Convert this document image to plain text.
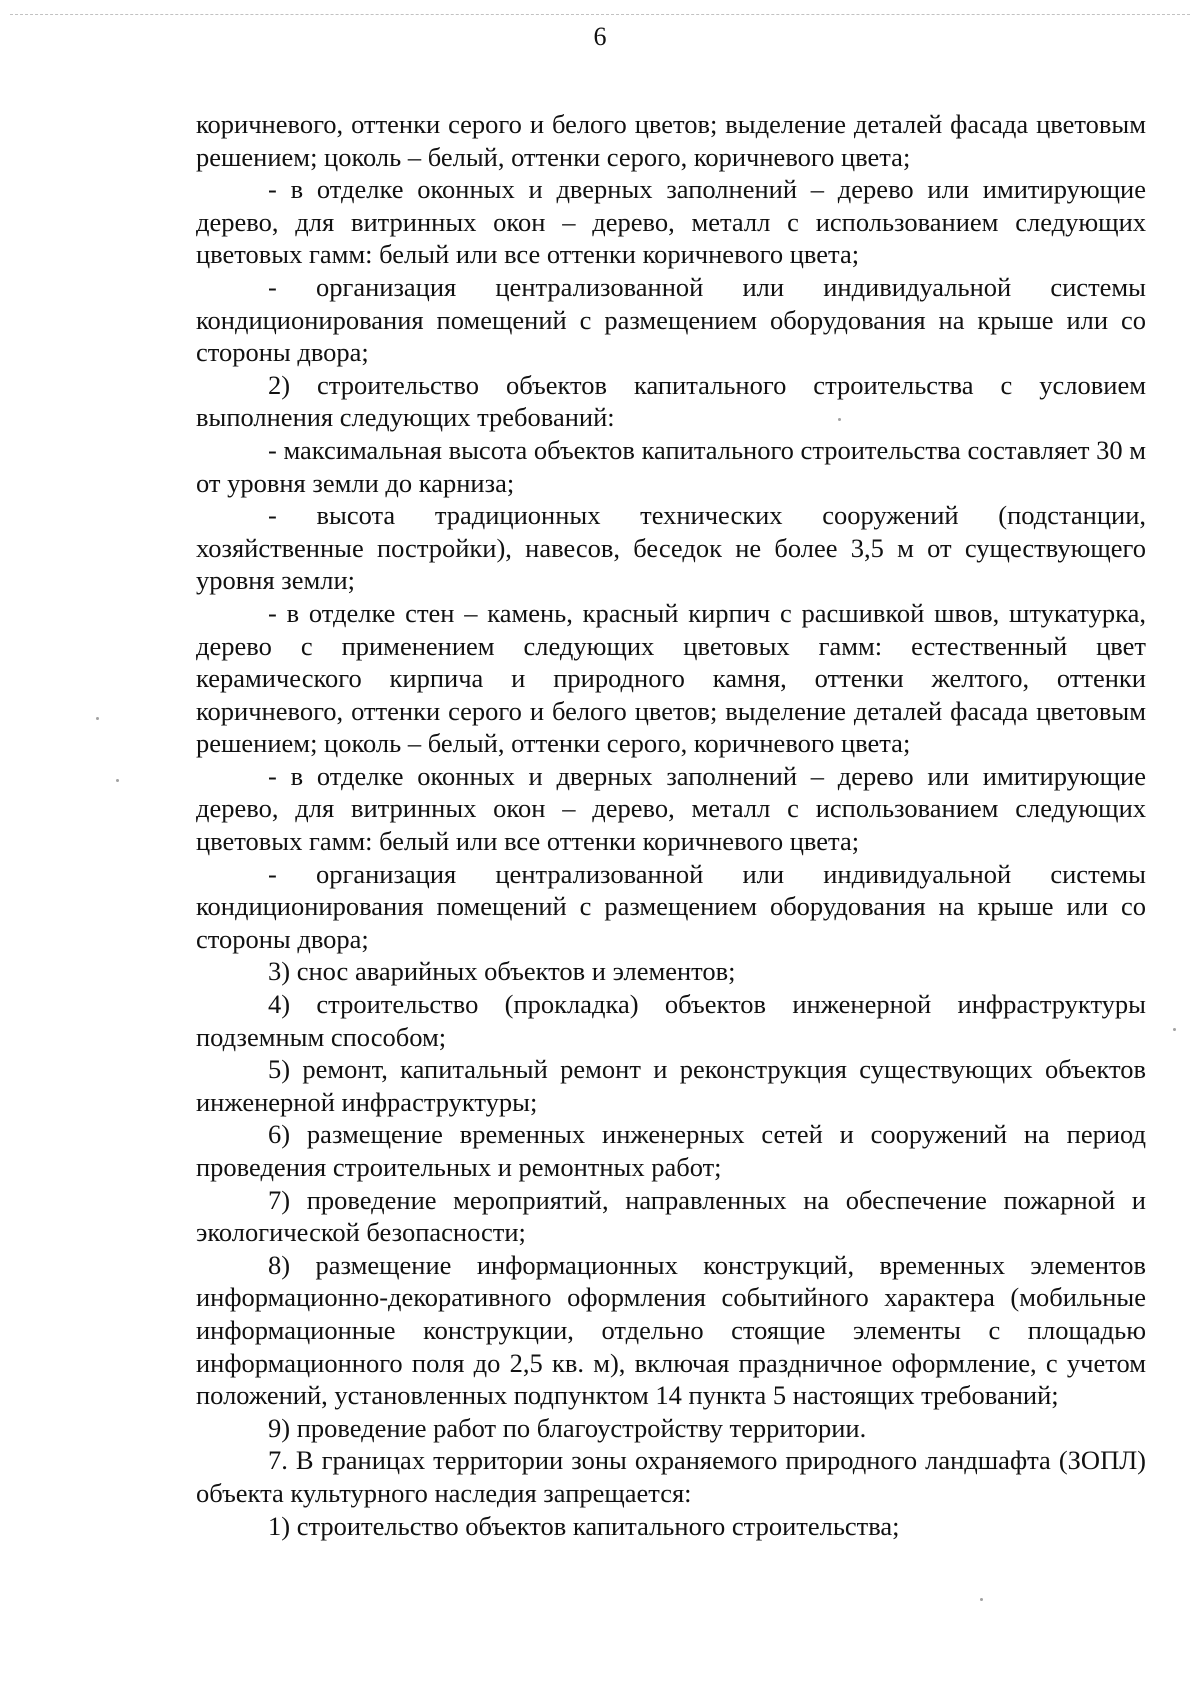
6

коричневого, оттенки серого и белого цветов; выделение деталей фасада цветовым решением; цоколь – белый, оттенки серого, коричневого цвета;

- в отделке оконных и дверных заполнений – дерево или имитирующие дерево, для витринных окон – дерево, металл с использованием следующих цветовых гамм: белый или все оттенки коричневого цвета;

- организация централизованной или индивидуальной системы кондиционирования помещений с размещением оборудования на крыше или со стороны двора;

2) строительство объектов капитального строительства с условием выполнения следующих требований:

- максимальная высота объектов капитального строительства составляет 30 м от уровня земли до карниза;

- высота традиционных технических сооружений (подстанции, хозяйственные постройки), навесов, беседок не более 3,5 м от существующего уровня земли;

- в отделке стен – камень, красный кирпич с расшивкой швов, штукатурка, дерево с применением следующих цветовых гамм: естественный цвет керамического кирпича и природного камня, оттенки желтого, оттенки коричневого, оттенки серого и белого цветов; выделение деталей фасада цветовым решением; цоколь – белый, оттенки серого, коричневого цвета;

- в отделке оконных и дверных заполнений – дерево или имитирующие дерево, для витринных окон – дерево, металл с использованием следующих цветовых гамм: белый или все оттенки коричневого цвета;

- организация централизованной или индивидуальной системы кондиционирования помещений с размещением оборудования на крыше или со стороны двора;

3) снос аварийных объектов и элементов;

4) строительство (прокладка) объектов инженерной инфраструктуры подземным способом;

5) ремонт, капитальный ремонт и реконструкция существующих объектов инженерной инфраструктуры;

6) размещение временных инженерных сетей и сооружений на период проведения строительных и ремонтных работ;

7) проведение мероприятий, направленных на обеспечение пожарной и экологической безопасности;

8) размещение информационных конструкций, временных элементов информационно-декоративного оформления событийного характера (мобильные информационные конструкции, отдельно стоящие элементы с площадью информационного поля до 2,5 кв. м), включая праздничное оформление, с учетом положений, установленных подпунктом 14 пункта 5 настоящих требований;

9) проведение работ по благоустройству территории.

7. В границах территории зоны охраняемого природного ландшафта (ЗОПЛ) объекта культурного наследия запрещается:

1) строительство объектов капитального строительства;
